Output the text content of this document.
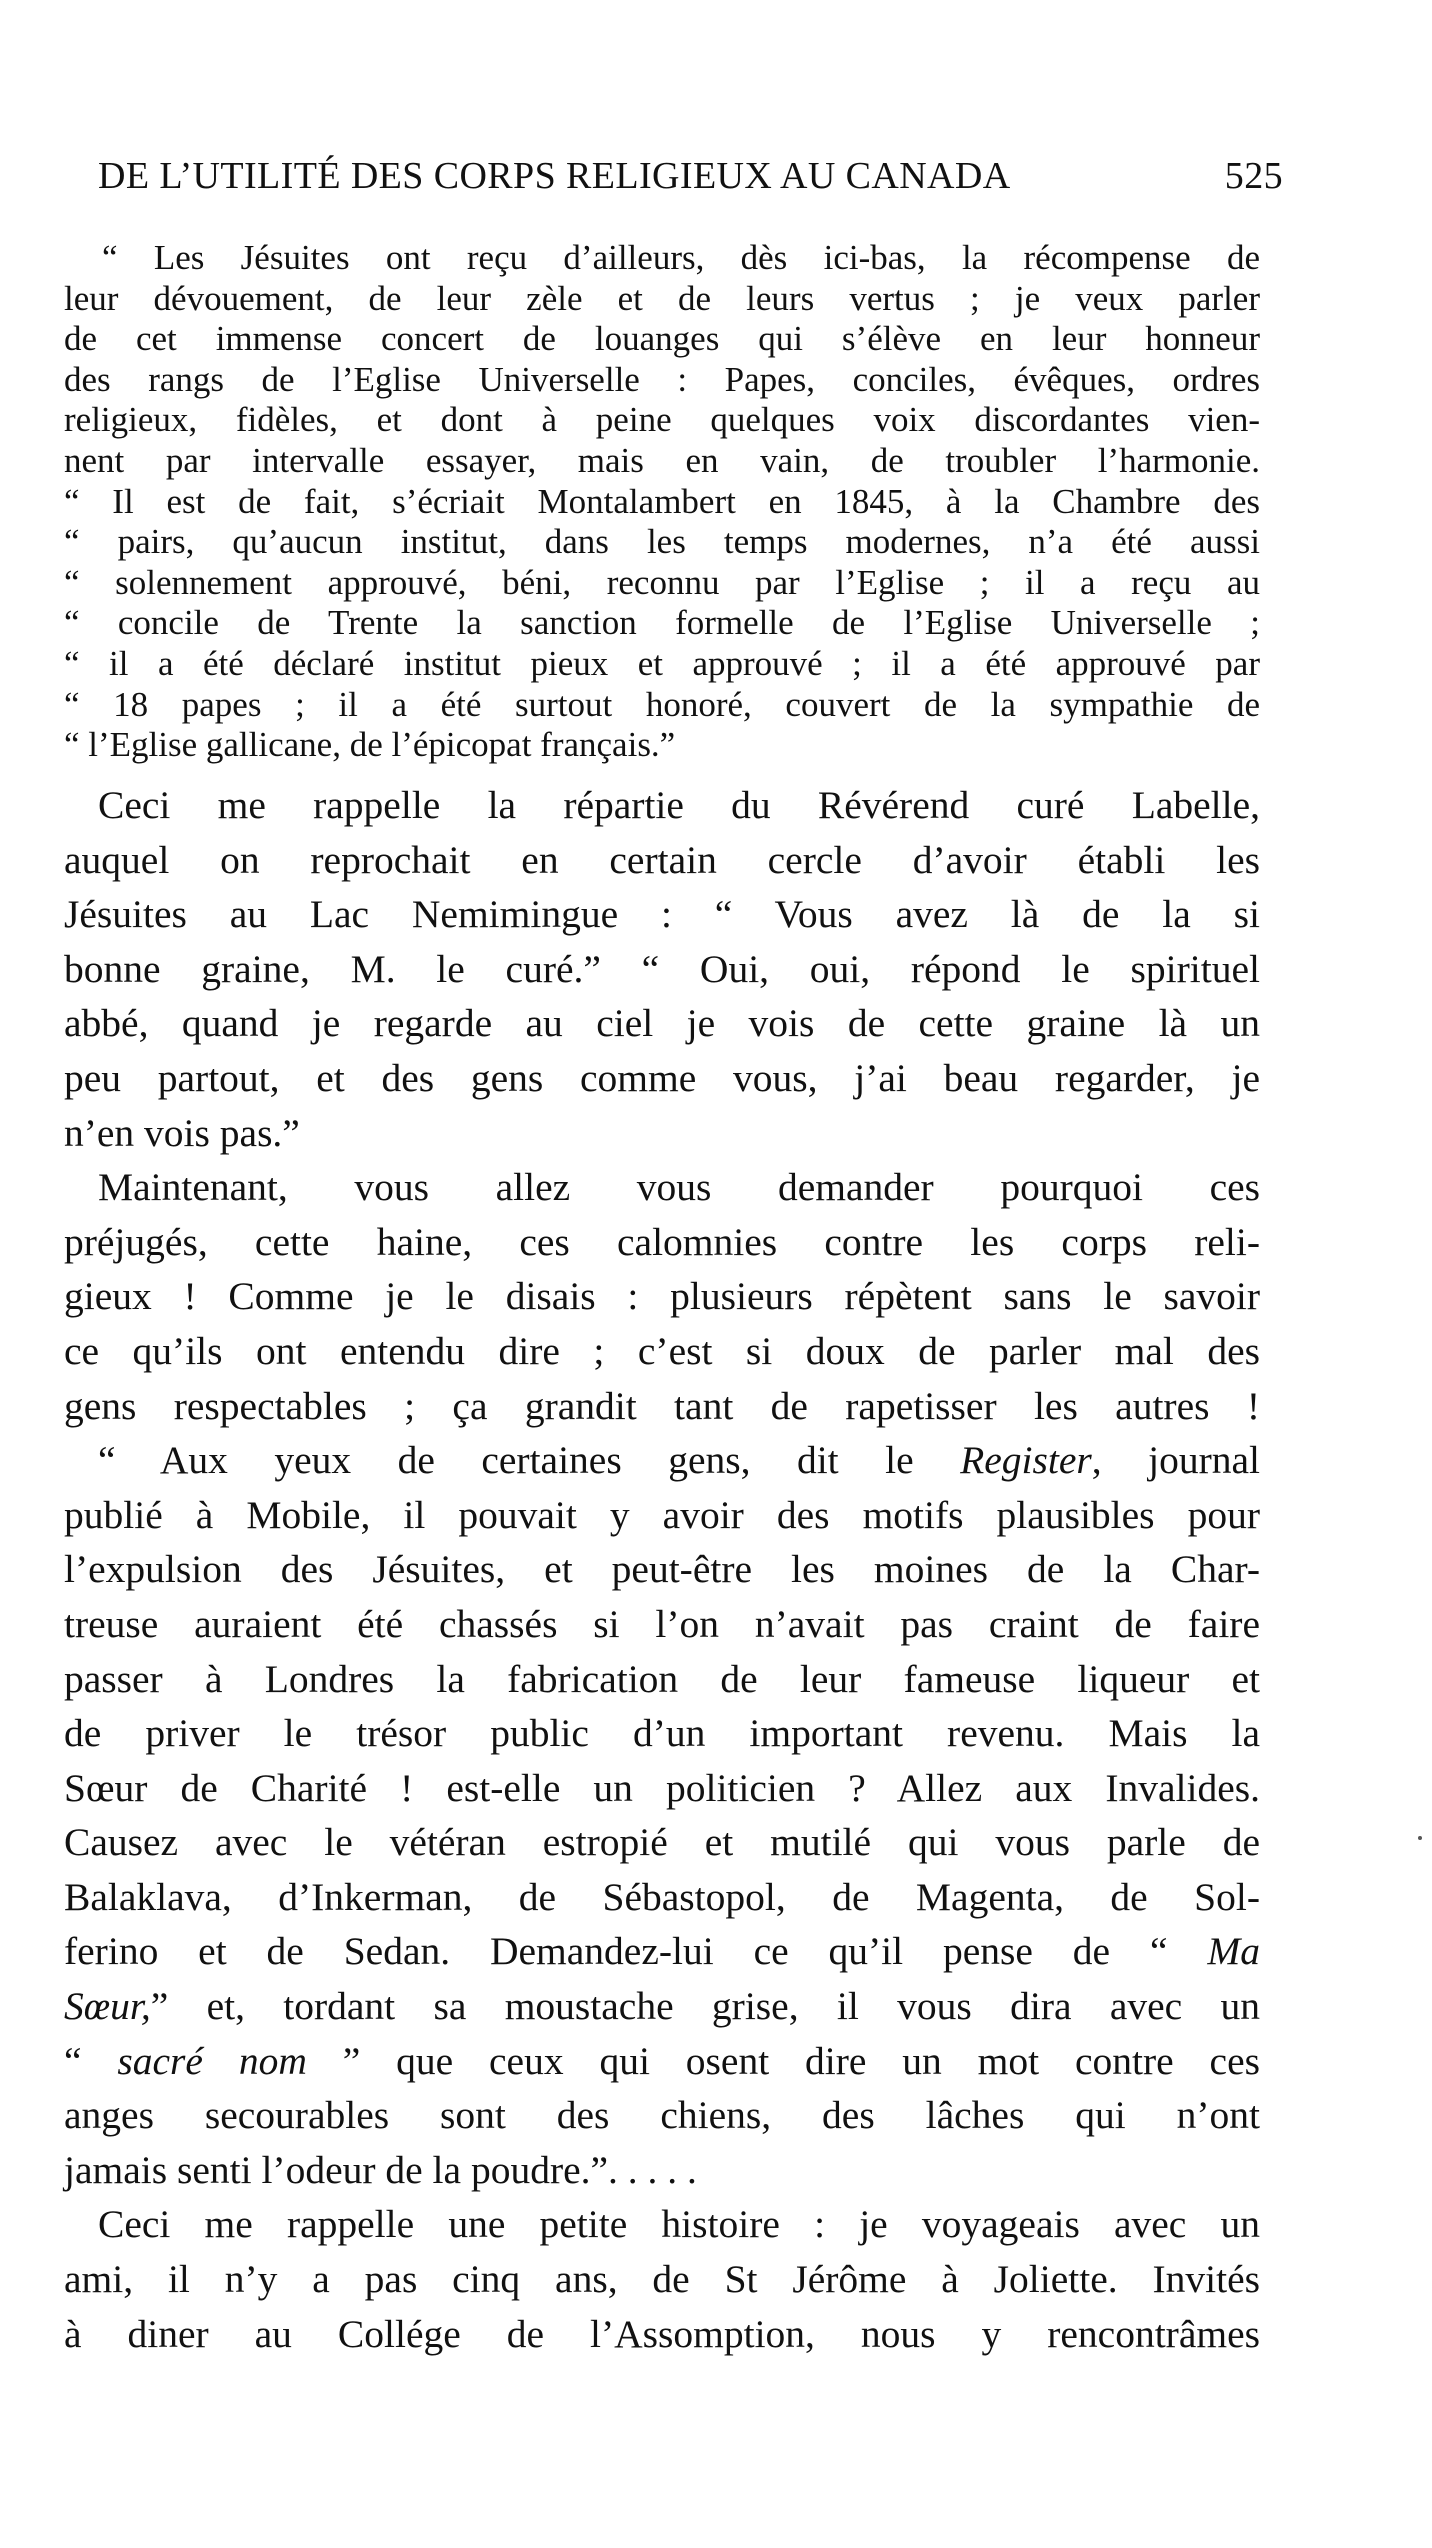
DE L’UTILITÉ DES CORPS RELIGIEUX AU CANADA	525
“ Les Jésuites ont reçu d’ailleurs, dès ici-bas, la récompense de
leur dévouement, de leur zèle et de leurs vertus ; je veux parler
de cet immense concert de louanges qui s’élève en leur honneur
des rangs de l’Eglise Universelle : Papes, conciles, évêques, ordres
religieux, fidèles, et dont à peine quelques voix discordantes vien-
nent par intervalle essayer, mais en vain, de troubler l’harmonie.
“ Il est de fait, s’écriait Montalambert en 1845, à la Chambre des
“ pairs, qu’aucun institut, dans les temps modernes, n’a été aussi
“ solennement approuvé, béni, reconnu par l’Eglise ; il a reçu au
“ concile de Trente la sanction formelle de l’Eglise Universelle ;
“ il a été déclaré institut pieux et approuvé ; il a été approuvé par
“ 18 papes ; il a été surtout honoré, couvert de la sympathie de
“ l’Eglise gallicane, de l’épicopat français.”
Ceci me rappelle la répartie du Révérend curé Labelle,
auquel on reprochait en certain cercle d’avoir établi les
Jésuites au Lac Nemimingue : “ Vous avez là de la si
bonne graine, M. le curé.” “ Oui, oui, répond le spirituel
abbé, quand je regarde au ciel je vois de cette graine là un
peu partout, et des gens comme vous, j’ai beau regarder, je
n’en vois pas.”
Maintenant, vous allez vous demander pourquoi ces
préjugés, cette haine, ces calomnies contre les corps reli-
gieux ! Comme je le disais : plusieurs répètent sans le savoir
ce qu’ils ont entendu dire ; c’est si doux de parler mal des
gens respectables ; ça grandit tant de rapetisser les autres !
“ Aux yeux de certaines gens, dit le Register, journal
publié à Mobile, il pouvait y avoir des motifs plausibles pour
l’expulsion des Jésuites, et peut-être les moines de la Char-
treuse auraient été chassés si l’on n’avait pas craint de faire
passer à Londres la fabrication de leur fameuse liqueur et
de priver le trésor public d’un important revenu. Mais la
Sœur de Charité ! est-elle un politicien ? Allez aux Invalides.
Causez avec le vétéran estropié et mutilé qui vous parle de
Balaklava, d’Inkerman, de Sébastopol, de Magenta, de Sol-
ferino et de Sedan. Demandez-lui ce qu’il pense de “ Ma
Sœur,” et, tordant sa moustache grise, il vous dira avec un
“ sacré nom ” que ceux qui osent dire un mot contre ces
anges secourables sont des chiens, des lâches qui n’ont
jamais senti l’odeur de la poudre.”. . . . .
Ceci me rappelle une petite histoire : je voyageais avec un
ami, il n’y a pas cinq ans, de St Jérôme à Joliette. Invités
à diner au Collége de l’Assomption, nous y rencontrâmes
